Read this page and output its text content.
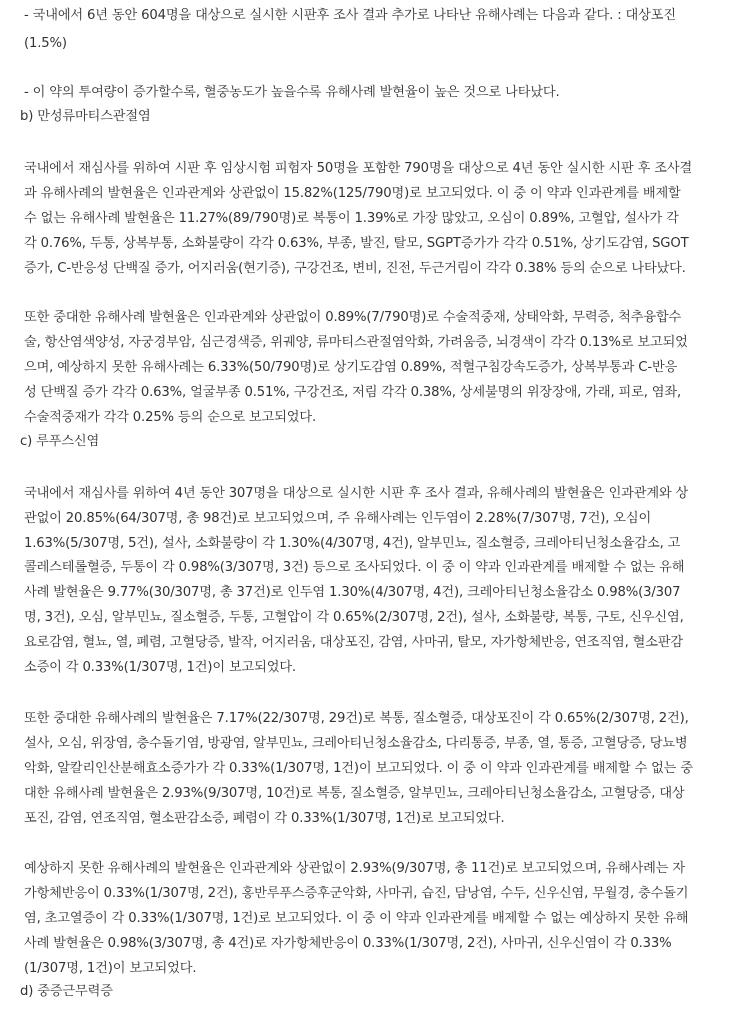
- 국내에서 6년 동안 604명을 대상으로 실시한 시판후 조사 결과 추가로 나타난 유해사례는 다음과 같다. : 대상포진
(1.5%)
- 이 약의 투여량이 증가할수록, 혈중농도가 높을수록 유해사례 발현율이 높은 것으로 나타났다.
b) 만성류마티스관절염
국내에서 재심사를 위하여 시판 후 임상시험 피험자 50명을 포함한 790명을 대상으로 4년 동안 실시한 시판 후 조사결
과 유해사례의 발현율은 인과관계와 상관없이 15.82%(125/790명)로 보고되었다. 이 중 이 약과 인과관계를 배제할
수 없는 유해사례 발현율은 11.27%(89/790명)로 복통이 1.39%로 가장 많았고, 오심이 0.89%, 고혈압, 설사가 각
각 0.76%, 두통, 상복부통, 소화불량이 각각 0.63%, 부종, 발진, 탈모, SGPT증가가 각각 0.51%, 상기도감염, SGOT
증가, C-반응성 단백질 증가, 어지러움(현기증), 구강건조, 변비, 진전, 두근거림이 각각 0.38% 등의 순으로 나타났다.
또한 중대한 유해사례 발현율은 인과관계와 상관없이 0.89%(7/790명)로 수술적중재, 상태악화, 무력증, 척추융합수
술, 항산염색양성, 자궁경부암, 심근경색증, 위궤양, 류마티스관절염악화, 가려움증, 뇌경색이 각각 0.13%로 보고되었
으며, 예상하지 못한 유해사례는 6.33%(50/790명)로 상기도감염 0.89%, 적혈구침강속도증가, 상복부통과 C-반응
성 단백질 증가 각각 0.63%, 얼굴부종 0.51%, 구강건조, 저림 각각 0.38%, 상세불명의 위장장애, 가래, 피로, 염좌,
수술적중재가 각각 0.25% 등의 순으로 보고되었다.
c) 루푸스신염
국내에서 재심사를 위하여 4년 동안 307명을 대상으로 실시한 시판 후 조사 결과, 유해사례의 발현율은 인과관계와 상
관없이 20.85%(64/307명, 총 98건)로 보고되었으며, 주 유해사례는 인두염이 2.28%(7/307명, 7건), 오심이
1.63%(5/307명, 5건), 설사, 소화불량이 각 1.30%(4/307명, 4건), 알부민뇨, 질소혈증, 크레아티닌청소율감소, 고
콜레스테롤혈증, 두통이 각 0.98%(3/307명, 3건) 등으로 조사되었다. 이 중 이 약과 인과관계를 배제할 수 없는 유해
사례 발현율은 9.77%(30/307명, 총 37건)로 인두염 1.30%(4/307명, 4건), 크레아티닌청소율감소 0.98%(3/307
명, 3건), 오심, 알부민뇨, 질소혈증, 두통, 고혈압이 각 0.65%(2/307명, 2건), 설사, 소화불량, 복통, 구토, 신우신염,
요로감염, 혈뇨, 열, 폐렴, 고혈당증, 발작, 어지러움, 대상포진, 감염, 사마귀, 탈모, 자가항체반응, 연조직염, 혈소판감
소증이 각 0.33%(1/307명, 1건)이 보고되었다.
또한 중대한 유해사례의 발현율은 7.17%(22/307명, 29건)로 복통, 질소혈증, 대상포진이 각 0.65%(2/307명, 2건),
설사, 오심, 위장염, 충수돌기염, 방광염, 알부민뇨, 크레아티닌청소율감소, 다리통증, 부종, 열, 통증, 고혈당증, 당뇨병
악화, 알칼리인산분해효소증가가 각 0.33%(1/307명, 1건)이 보고되었다. 이 중 이 약과 인과관계를 배제할 수 없는 중
대한 유해사례 발현율은 2.93%(9/307명, 10건)로 복통, 질소혈증, 알부민뇨, 크레아티닌청소율감소, 고혈당증, 대상
포진, 감염, 연조직염, 혈소판감소증, 폐렴이 각 0.33%(1/307명, 1건)로 보고되었다.
예상하지 못한 유해사례의 발현율은 인과관계와 상관없이 2.93%(9/307명, 총 11건)로 보고되었으며, 유해사례는 자
가항체반응이 0.33%(1/307명, 2건), 홍반루푸스증후군악화, 사마귀, 습진, 담낭염, 수두, 신우신염, 무월경, 충수돌기
염, 초고열증이 각 0.33%(1/307명, 1건)로 보고되었다. 이 중 이 약과 인과관계를 배제할 수 없는 예상하지 못한 유해
사례 발현율은 0.98%(3/307명, 총 4건)로 자가항체반응이 0.33%(1/307명, 2건), 사마귀, 신우신염이 각 0.33%
(1/307명, 1건)이 보고되었다.
d) 중증근무력증
